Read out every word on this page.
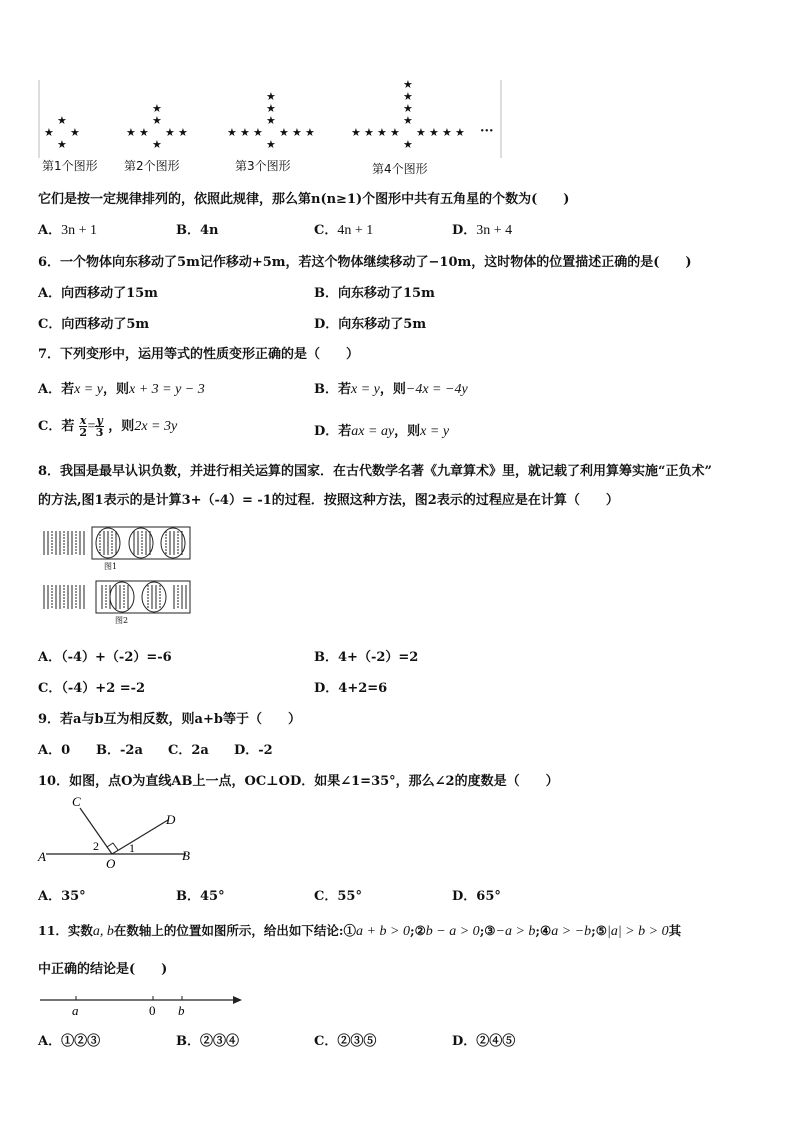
★
★ ★
★
★
★
★ ★
★	★
★
★
★
★
★ ★
★	★
★	★
★
★
★
★
★
★ ★
★	★
★	★
★	★
★
···
第1个图形 第2个图形	第3个图形	第4个图形
它们是按一定规律排列的，依照此规律，那么第n(n≥1)个图形中共有五角星的个数为(　　)
A．3n + 1	B．4n	C．4n + 1	D．3n + 4
6．一个物体向东移动了5m记作移动+5m，若这个物体继续移动了−10m，这时物体的位置描述正确的是(　　)
A．向西移动了15m	B．向东移动了15m
C．向西移动了5m	D．向东移动了5m
7．下列变形中，运用等式的性质变形正确的是（　　）
A．若x = y，则x + 3 = y − 3	B．若x = y，则−4x = −4y
C．若 $\frac{x}{2} = \frac{y}{3}$ ，则2x = 3y	D．若ax = ay，则x = y
8．我国是最早认识负数，并进行相关运算的国家．在古代数学名著《九章算术》里，就记载了利用算筹实施“正负术”
的方法,图1表示的是计算3+（-4）= -1的过程．按照这种方法，图2表示的过程应是在计算（　　）
图1
图2
A．（-4）+（-2）=-6	B．4+（-2）=2
C．（-4）+2 =-2	D．4+2=6
9．若a与b互为相反数，则a+b等于（　　）
A．0 B．-2a C．2a D．-2
10．如图，点O为直线AB上一点，OC⊥OD．如果∠1=35°，那么∠2的度数是（　　）
A	B
C
D
O
1
2
A．35°	B．45°	C．55°	D．65°
11．实数a, b在数轴上的位置如图所示，给出如下结论:①a + b > 0;②b − a > 0;③−a > b;④a > −b;⑤|a| > b > 0其
中正确的结论是(　　)
a	0 b
A．①②③	B．②③④	C．②③⑤	D．②④⑤
